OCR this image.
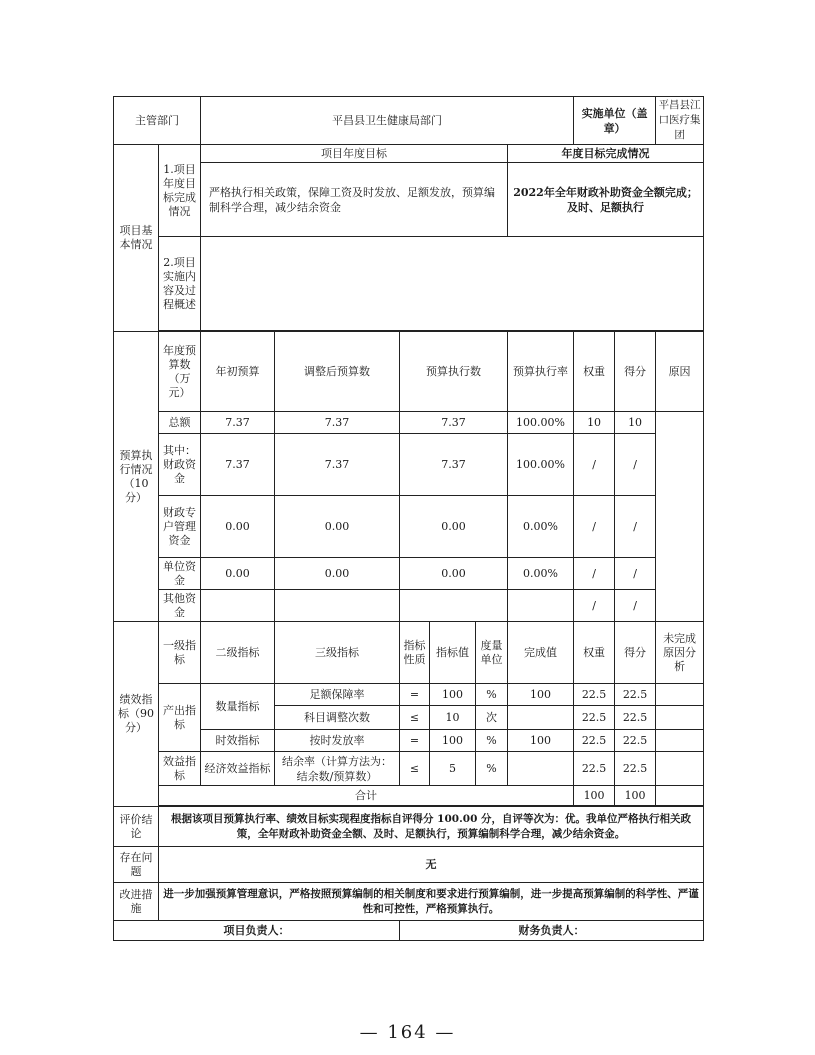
主管部门		平昌县卫生健康局部门						实施单位（盖章）		平昌县江口医疗集团
项目基本情况	1.项目年度目标完成情况	项目年度目标					年度目标完成情况			
		严格执行相关政策，保障工资及时发放、足额发放，预算编制科学合理，减少结余资金					2022年全年财政补助资金全额完成；及时、足额执行			
	2.项目实施内容及过程概述									

预算执行情况（10分）	年度预算数（万元）	年初预算	调整后预算数	预算执行数			预算执行率	权重	得分	原因
	总额	7.37	7.37	7.37			100.00%	10	10	
	其中：财政资金	7.37	7.37	7.37			100.00%	/	/	
	财政专户管理资金	0.00	0.00	0.00			0.00%	/	/	
	单位资金	0.00	0.00	0.00			0.00%	/	/	
	其他资金							/	/	
绩效指标（90分）	一级指标	二级指标	三级指标	指标性质	指标值	度量单位	完成值	权重	得分	未完成原因分析
	产出指标	数量指标	足额保障率	=	100	%	100	22.5	22.5	
			科目调整次数	≤	10	次		22.5	22.5	
		时效指标	按时发放率	=	100	%	100	22.5	22.5	
	效益指标	经济效益指标	结余率（计算方法为：结余数/预算数）	≤	5	%		22.5	22.5	
	合计							100	100	

评价结论	根据该项目预算执行率、绩效目标实现程度指标自评得分 100.00 分，自评等次为：优。我单位严格执行相关政策，全年财政补助资金全额、及时、足额执行，预算编制科学合理，减少结余资金。									
存在问题	无									
改进措施	进一步加强预算管理意识，严格按照预算编制的相关制度和要求进行预算编制，进一步提高预算编制的科学性、严谨性和可控性，严格预算执行。									
项目负责人：				财务负责人：						
— 164 —
